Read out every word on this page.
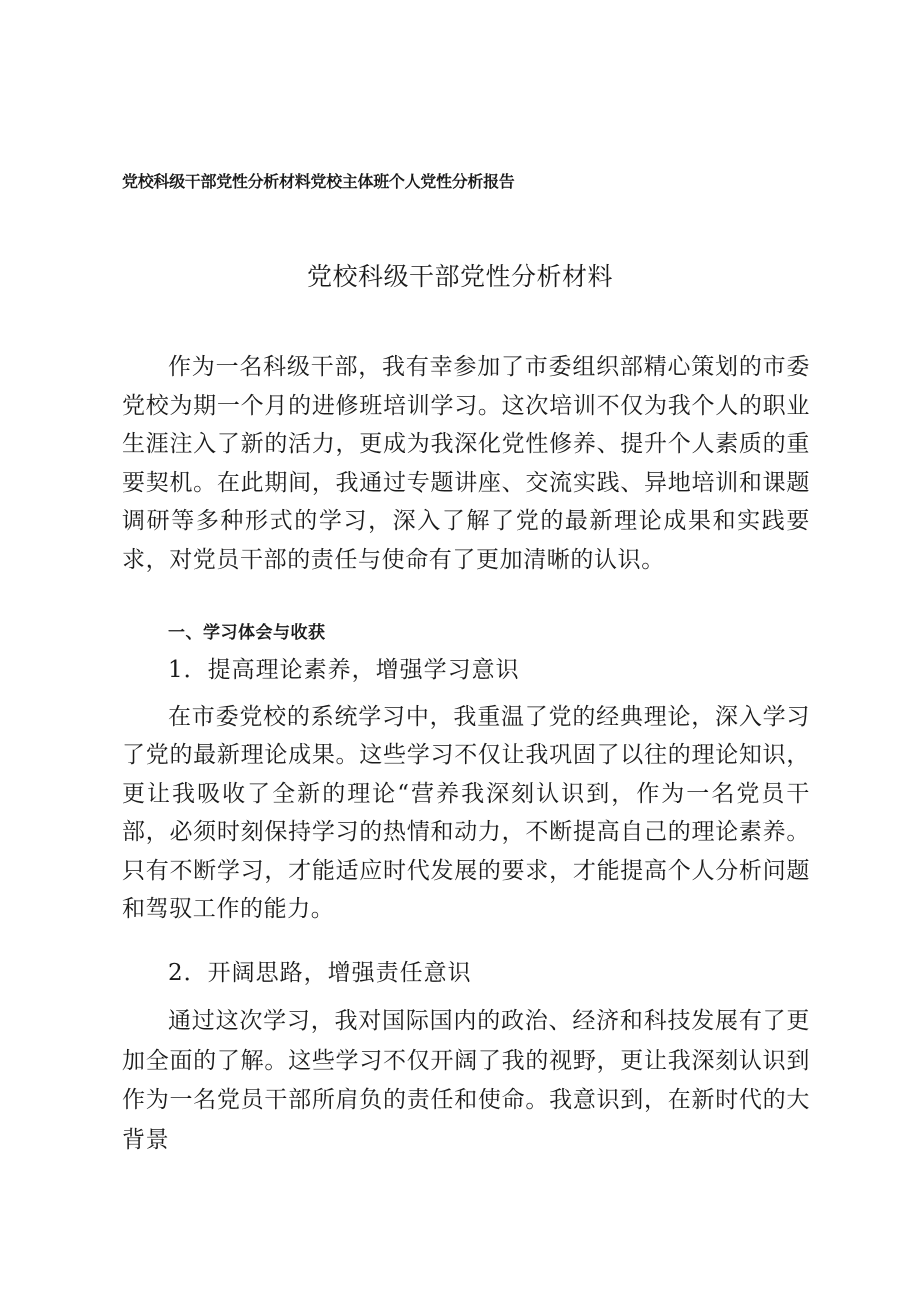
党校科级干部党性分析材料党校主体班个人党性分析报告
党校科级干部党性分析材料

作为一名科级干部，我有幸参加了市委组织部精心策划的市委党校为期一个月的进修班培训学习。这次培训不仅为我个人的职业生涯注入了新的活力，更成为我深化党性修养、提升个人素质的重要契机。在此期间，我通过专题讲座、交流实践、异地培训和课题调研等多种形式的学习，深入了解了党的最新理论成果和实践要求，对党员干部的责任与使命有了更加清晰的认识。

一、学习体会与收获
1．提高理论素养，增强学习意识

在市委党校的系统学习中，我重温了党的经典理论，深入学习了党的最新理论成果。这些学习不仅让我巩固了以往的理论知识，更让我吸收了全新的理论“营养我深刻认识到，作为一名党员干部，必须时刻保持学习的热情和动力，不断提高自己的理论素养。只有不断学习，才能适应时代发展的要求，才能提高个人分析问题和驾驭工作的能力。

2．开阔思路，增强责任意识

通过这次学习，我对国际国内的政治、经济和科技发展有了更加全面的了解。这些学习不仅开阔了我的视野，更让我深刻认识到作为一名党员干部所肩负的责任和使命。我意识到，在新时代的大背景
